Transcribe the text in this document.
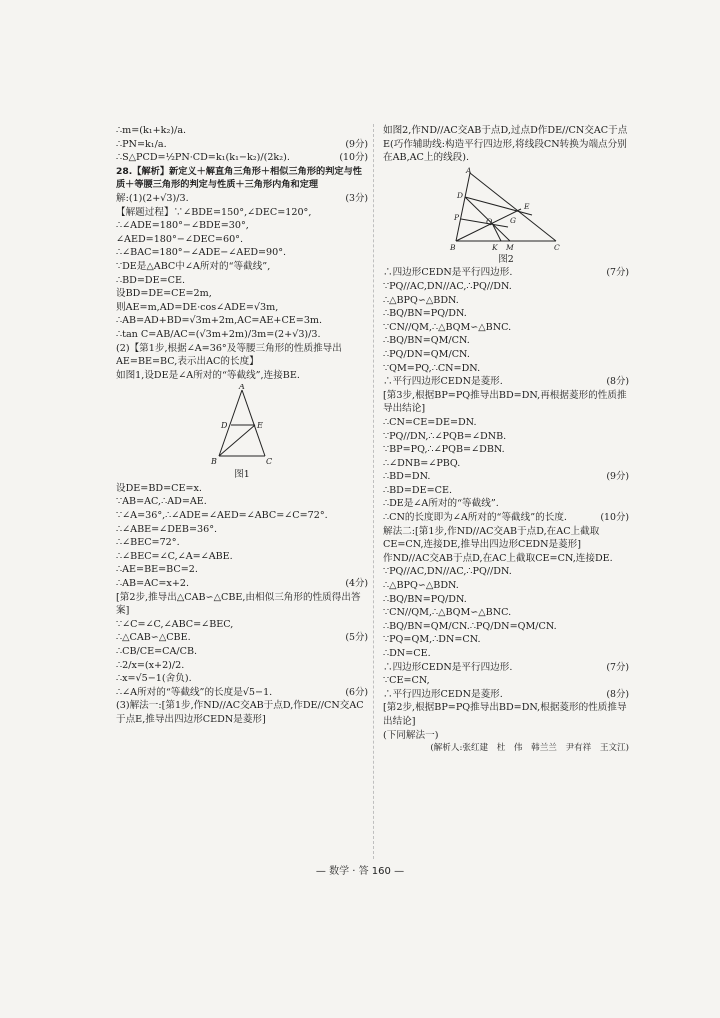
∴m=(k₁+k₂)/a.
(9分)
∴PN=k₁/a.
(10分)
∴S△PCD=½PN·CD=k₁(k₁−k₂)/(2k₂).
28.【解析】新定义＋解直角三角形＋相似三角形的判定与性质＋等腰三角形的判定与性质＋三角形内角和定理
(3分)
解:(1)(2+√3)/3.
【解题过程】∵∠BDE=150°,∠DEC=120°,
∴∠ADE=180°−∠BDE=30°,
∠AED=180°−∠DEC=60°.
∴∠BAC=180°−∠ADE−∠AED=90°.
∵DE是△ABC中∠A所对的“等截线”,
∴BD=DE=CE.
设BD=DE=CE=2m,
则AE=m,AD=DE·cos∠ADE=√3m,
∴AB=AD+BD=√3m+2m,AC=AE+CE=3m.
∴tan C=AB/AC=(√3m+2m)/3m=(2+√3)/3.
(2)【第1步,根据∠A=36°及等腰三角形的性质推导出AE=BE=BC,表示出AC的长度】
如图1,设DE是∠A所对的“等截线”,连接BE.
A
D	E
B	C
图1
设DE=BD=CE=x.
∵AB=AC,∴AD=AE.
∵∠A=36°,∴∠ADE=∠AED=∠ABC=∠C=72°.
∴∠ABE=∠DEB=36°.
∴∠BEC=72°.
∴∠BEC=∠C,∠A=∠ABE.
∴AE=BE=BC=2.
(4分)
∴AB=AC=x+2.
[第2步,推导出△CAB∽△CBE,由相似三角形的性质得出答案]
∵∠C=∠C,∠ABC=∠BEC,
(5分)
∴△CAB∽△CBE.
∴CB/CE=CA/CB.
∴2/x=(x+2)/2.
∴x=√5−1(舍负).
(6分)
∴∠A所对的“等截线”的长度是√5−1.
(3)解法一:[第1步,作ND//AC交AB于点D,作DE//CN交AC于点E,推导出四边形CEDN是菱形]
如图2,作ND//AC交AB于点D,过点D作DE//CN交AC于点E(巧作辅助线:构造平行四边形,将线段CN转换为端点分别在AB,AC上的线段).
A
D
P	Q
E
G
B	K M	C
图2
(7分)
∴四边形CEDN是平行四边形.
∵PQ//AC,DN//AC,∴PQ//DN.
∴△BPQ∽△BDN.
∴BQ/BN=PQ/DN.
∵CN//QM,∴△BQM∽△BNC.
∴BQ/BN=QM/CN.
∴PQ/DN=QM/CN.
∵QM=PQ,∴CN=DN.
(8分)
∴平行四边形CEDN是菱形.
[第3步,根据BP=PQ推导出BD=DN,再根据菱形的性质推导出结论]
∴CN=CE=DE=DN.
∵PQ//DN,∴∠PQB=∠DNB.
∵BP=PQ,∴∠PQB=∠DBN.
∴∠DNB=∠PBQ.
(9分)
∴BD=DN.
∴BD=DE=CE.
∴DE是∠A所对的“等截线”.
(10分)
∴CN的长度即为∠A所对的“等截线”的长度.
解法二:[第1步,作ND//AC交AB于点D,在AC上截取CE=CN,连接DE,推导出四边形CEDN是菱形]
作ND//AC交AB于点D,在AC上截取CE=CN,连接DE.
∵PQ//AC,DN//AC,∴PQ//DN.
∴△BPQ∽△BDN.
∴BQ/BN=PQ/DN.
∵CN//QM,∴△BQM∽△BNC.
∴BQ/BN=QM/CN.∴PQ/DN=QM/CN.
∵PQ=QM,∴DN=CN.
∴DN=CE.
(7分)
∴四边形CEDN是平行四边形.
∵CE=CN,
(8分)
∴平行四边形CEDN是菱形.
[第2步,根据BP=PQ推导出BD=DN,根据菱形的性质推导出结论]
(下同解法一)
(解析人:张红建　杜　伟　韩兰兰　尹有祥　王文江)
— 数学 · 答 160 —
